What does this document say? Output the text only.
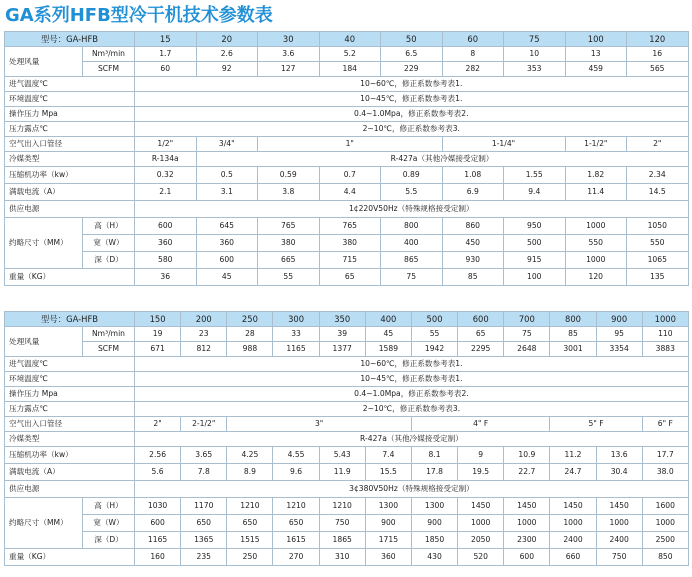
GA系列HFB型冷干机技术参数表
型号：GA-HFB		15	20	30	40	50	60	75	100	120
处理风量	Nm³/min	1.7	2.6	3.6	5.2	6.5	8	10	13	16
	SCFM	60	92	127	184	229	282	353	459	565
进气温度℃		10~60℃，修正系数参考表1.								
环境温度℃		10~45℃，修正系数参考表1.								
操作压力 Mpa		0.4~1.0Mpa，修正系数参考表2.								
压力露点℃		2~10℃，修正系数参考表3.								
空气出入口管径		1/2"	3/4"	1"			1-1/4"		1-1/2"	2"
冷媒类型		R-134a	R-427a（其他冷媒接受定制）							
压缩机功率（kw）		0.32	0.5	0.59	0.7	0.89	1.08	1.55	1.82	2.34
满载电流（A）		2.1	3.1	3.8	4.4	5.5	6.9	9.4	11.4	14.5
供应电源		1¢220V50Hz（特殊规格接受定制）								
约略尺寸（MM）	高（H）	600	645	765	765	800	860	950	1000	1050
	宽（W）	360	360	380	380	400	450	500	550	550
	深（D）	580	600	665	715	865	930	915	1000	1065
重量（KG）		36	45	55	65	75	85	100	120	135
型号：GA-HFB		150	200	250	300	350	400	500	600	700	800	900	1000
处理风量	Nm³/min	19	23	28	33	39	45	55	65	75	85	95	110
	SCFM	671	812	988	1165	1377	1589	1942	2295	2648	3001	3354	3883
进气温度℃		10~60℃，修正系数参考表1.											
环境温度℃		10~45℃，修正系数参考表1.											
操作压力 Mpa		0.4~1.0Mpa，修正系数参考表2.											
压力露点℃		2~10℃，修正系数参考表3.											
空气出入口管径		2"	2-1/2"	3"				4" F			5" F		6" F
冷媒类型		R-427a（其他冷媒接受定制）											
压缩机功率（kw）		2.56	3.65	4.25	4.55	5.43	7.4	8.1	9	10.9	11.2	13.6	17.7
满载电流（A）		5.6	7.8	8.9	9.6	11.9	15.5	17.8	19.5	22.7	24.7	30.4	38.0
供应电源		3¢380V50Hz（特殊规格接受定制）											
约略尺寸（MM）	高（H）	1030	1170	1210	1210	1210	1300	1300	1450	1450	1450	1450	1600
	宽（W）	600	650	650	650	750	900	900	1000	1000	1000	1000	1000
	深（D）	1165	1365	1515	1615	1865	1715	1850	2050	2300	2400	2400	2500
重量（KG）		160	235	250	270	310	360	430	520	600	660	750	850
